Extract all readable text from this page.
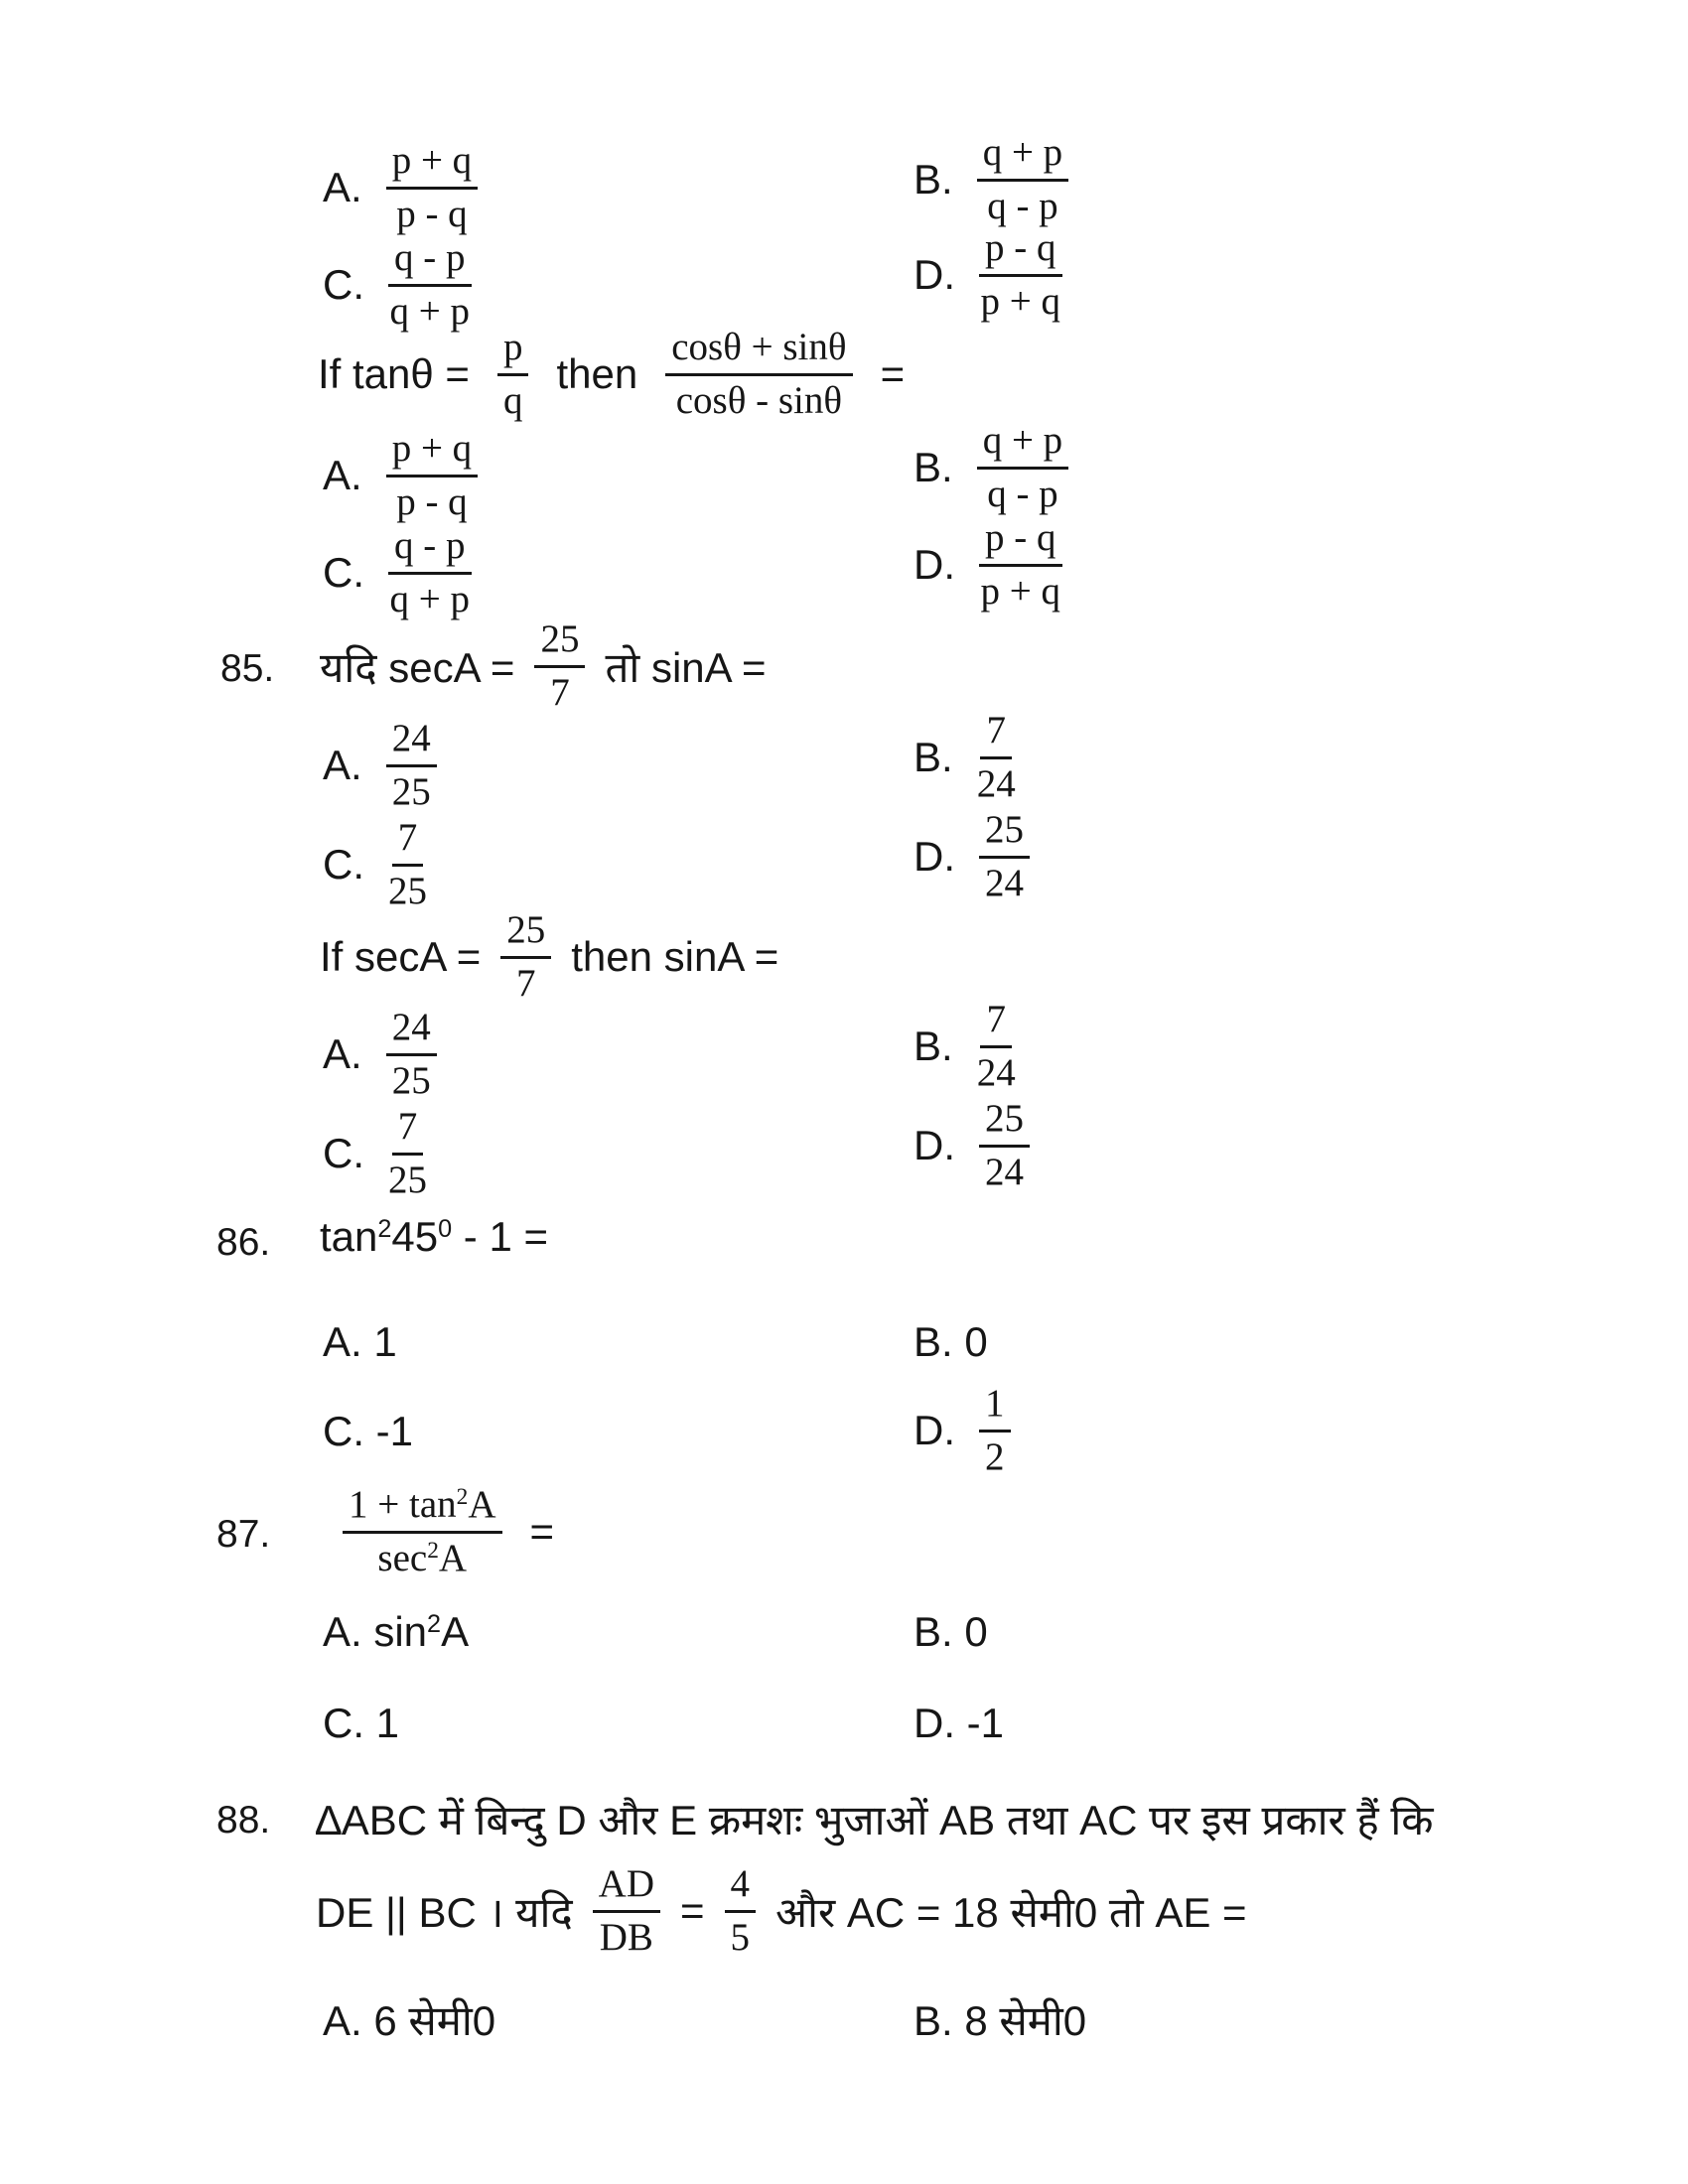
A. $\frac{p + q}{p - q}$	B. $\frac{q + p}{q - p}$
C. $\frac{q - p}{q + p}$	D. $\frac{p - q}{p + q}$
If $\tan\theta = \frac{p}{q}$ then $\frac{\cos\theta + \sin\theta}{\cos\theta - \sin\theta}$ =
A. $\frac{p + q}{p - q}$	B. $\frac{q + p}{q - p}$
C. $\frac{q - p}{q + p}$	D. $\frac{p - q}{p + q}$
85. यदि $\sec A = \frac{25}{7}$ तो sinA =
A. $\frac{24}{25}$	B. $\frac{7}{24}$
C. $\frac{7}{25}$	D. $\frac{25}{24}$
If $\sec A = \frac{25}{7}$ then sinA =
A. $\frac{24}{25}$	B. $\frac{7}{24}$
C. $\frac{7}{25}$	D. $\frac{25}{24}$
86. $\tan^245^0 - 1$ =
A. 1	B. 0
C. -1	D. $\frac{1}{2}$
87. $\frac{1 + \tan^2A}{\sec^2A}$ =
A. $\sin^2A$	B. 0
C. 1	D. -1
88. ∆ABC में बिन्दु D और E क्रमशः भुजाओं AB तथा AC पर इस प्रकार हैं कि
DE || BC । यदि $\frac{AD}{DB} = \frac{4}{5}$ और AC = 18 सेमी0 तो AE =
A. 6 सेमी0	B. 8 सेमी0
